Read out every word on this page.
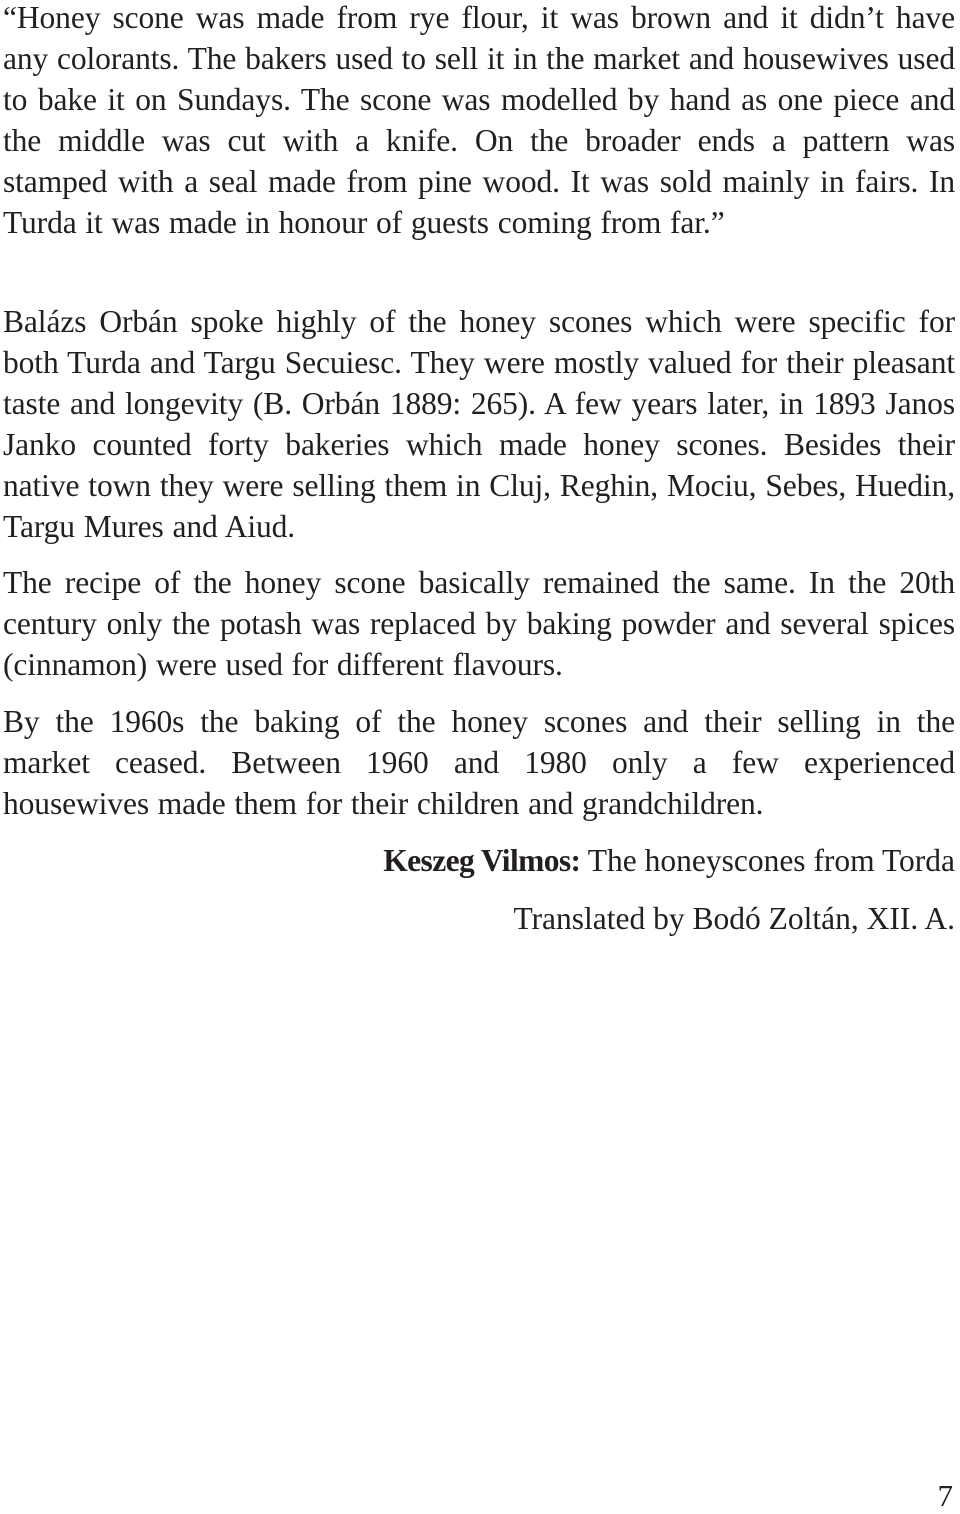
“Honey scone was made from rye flour, it was brown and it didn’t have any colorants. The bakers used to sell it in the market and housewives used to bake it on Sundays. The scone was modelled by hand as one piece and the middle was cut with a knife. On the broader ends a pattern was stamped with a seal made from pine wood. It was sold mainly in fairs. In Turda it was made in honour of guests coming from far.”

Balázs Orbán spoke highly of the honey scones which were specific for both Turda and Targu Secuiesc. They were mostly valued for their pleasant taste and longevity (B. Orbán 1889: 265). A few years later, in 1893 Janos Janko counted forty bakeries which made honey scones. Besides their native town they were selling them in Cluj, Reghin, Mociu, Sebes, Huedin, Targu Mures and Aiud.

The recipe of the honey scone basically remained the same. In the 20th century only the potash was replaced by baking powder and several spices (cinnamon) were used for different flavours.

By the 1960s the baking of the honey scones and their selling in the market ceased. Between 1960 and 1980 only a few experienced housewives made them for their children and grandchildren.

Keszeg Vilmos: The honeyscones from Torda

Translated by Bodó Zoltán, XII. A.

7
